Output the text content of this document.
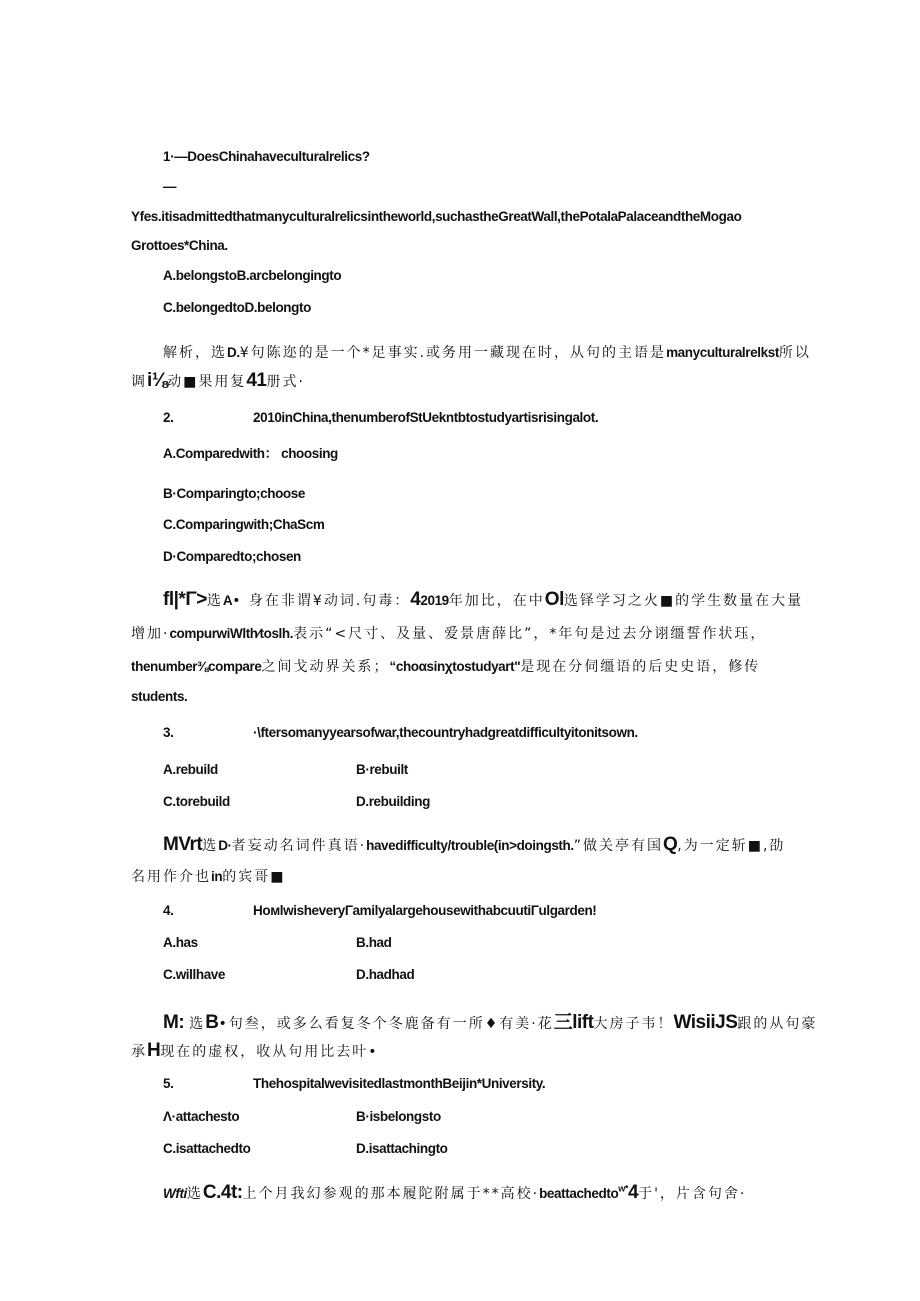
1·—DoesChinahaveculturalrelics?
—
Yfes.itisadmittedthatmanyculturalrelicsintheworld,suchastheGreatWall,thePotalaPalaceandtheMogao
Grottoes*China.
A.belongstoB.arcbelongingto
C.belongedtoD.belongto
解析，选D.¥句陈迩的是一个*足事实.或务用一藏现在时，从句的主语是manyculturalrelkst所以
调i⅛动■果用复41册式·
2.	2010inChina,thenumberofStUekntbtostudyartisrisingalot.
A.Comparedwith： choosing
B·Comparingto;choose
C.Comparingwith;ChaScm
D·Comparedto;chosen
fl|*Γ>选A• 身在非谓¥动词.句毒：42019年加比，在中Ol选铎学习之火■的学生数量在大量
增加·compurwiWlth∕toslh.表示“<尺寸、及量、爱景唐薛比”，*年句是过去分诩缰誓作状珏，
thenumber⅜compare之间戈动界关系；“choαsinχtostudyart"是现在分伺缰语的后史史语，修传
students.
3.	·\ftersomanyyearsofwar,thecountryhadgreatdifficultyitonitsown.
A.rebuild	B·rebuilt
C.torebuild	D.rebuilding
MVrt选D·者妄动名词件真语·havedifficulty/trouble(in>doingsth.”做关亭有国Q,为一定斩■,劭
名用作介也in的宾哥■
4.	HoмlwisheveryΓamilyalargehousewithabcuutiΓulgarden!
A.has	B.had
C.willhave	D.hadhad
M: 选B•句叁，或多么看复冬个冬鹿备有一所♦有美·花三lift大房子韦！WisiiJS跟的从句豪
承H现在的虚权，收从句用比去叶•
5.	ThehospitalwevisitedlastmonthBeijin*University.
Λ·attachesto	B·isbelongsto
C.isattachedto	D.isattachingto
Wfti选C.4t:上个月我幻参观的那本履陀附属于**高校·beattachedto$^{w*}$4于'，片含句舍·
